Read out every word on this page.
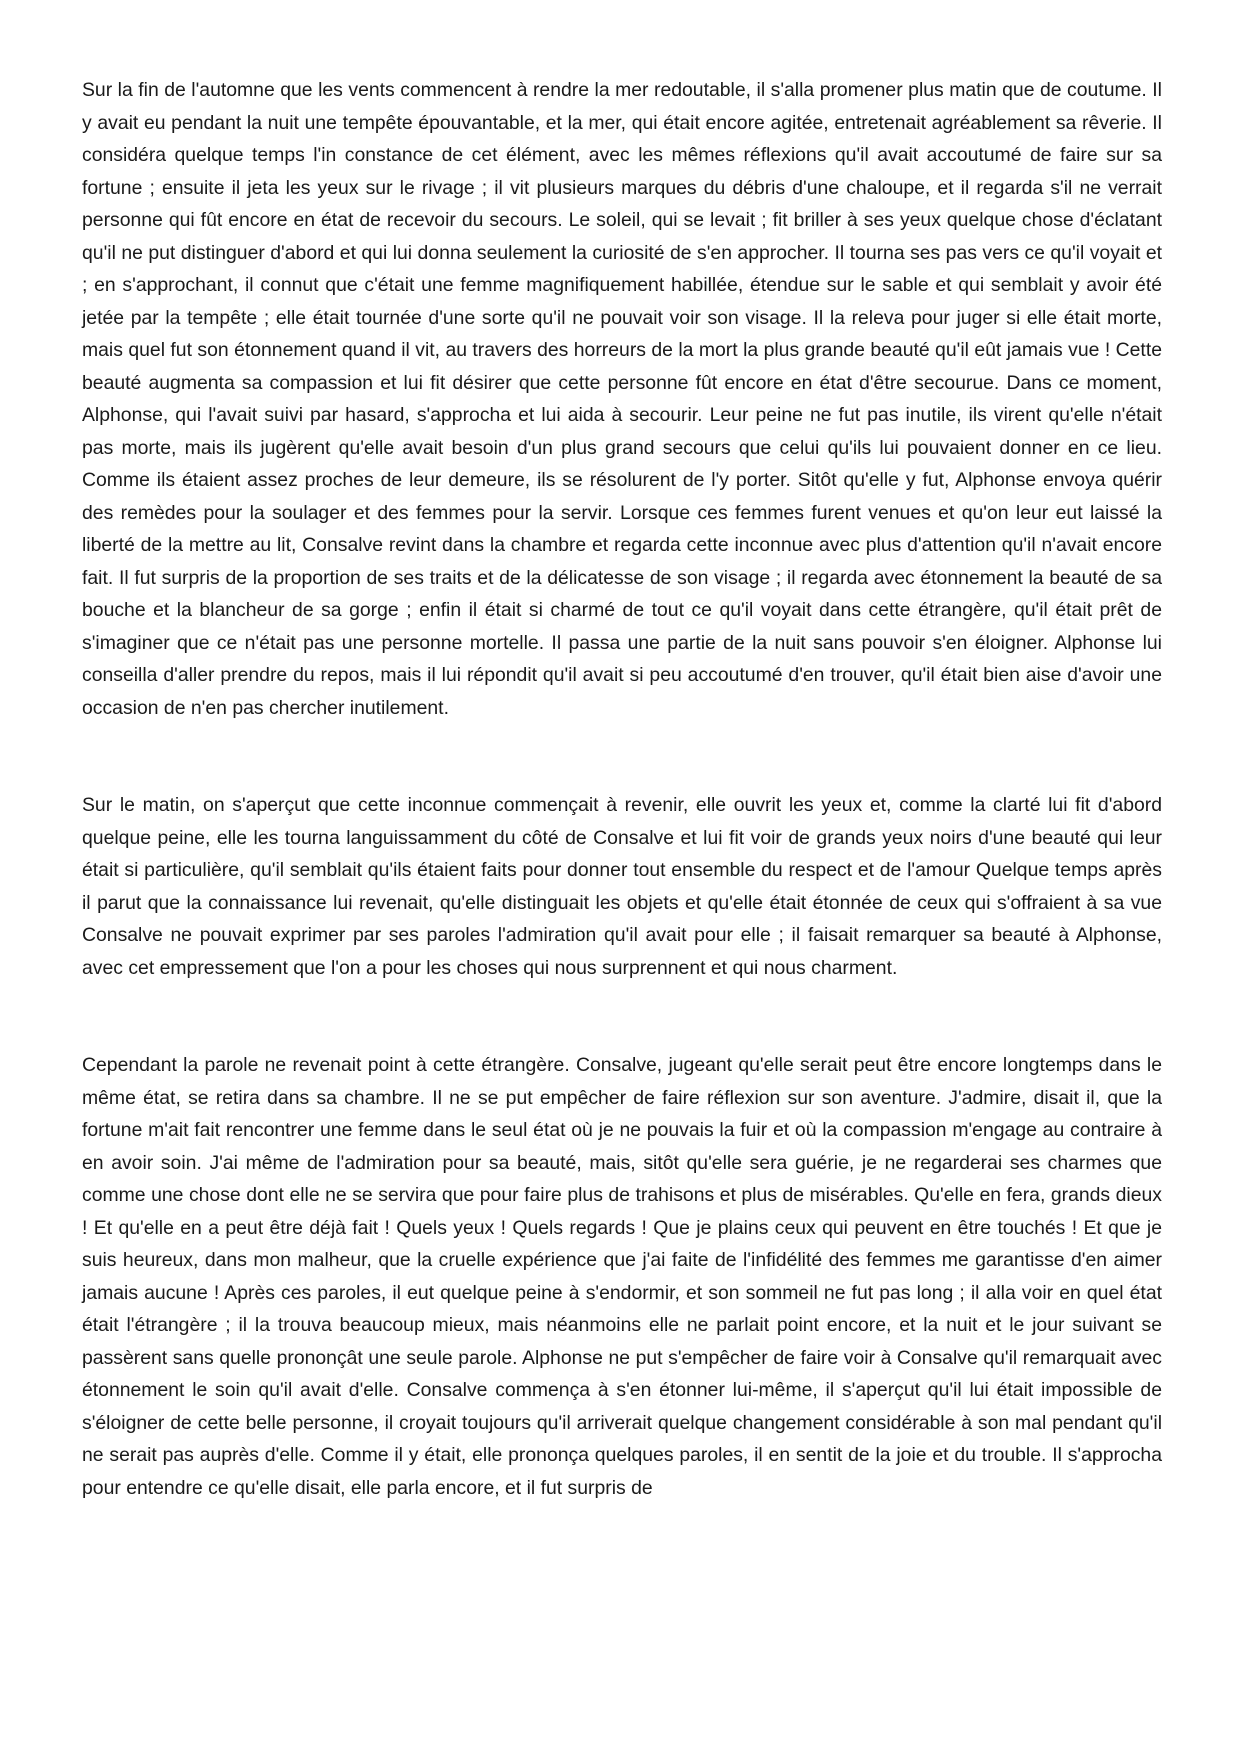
Sur la fin de l'automne que les vents commencent à rendre la mer redoutable, il s'alla promener plus matin que de coutume. Il y avait eu pendant la nuit une tempête épouvantable, et la mer, qui était encore agitée, entretenait agréablement sa rêverie. Il considéra quelque temps l'in constance de cet élément, avec les mêmes réflexions qu'il avait accoutumé de faire sur sa fortune ; ensuite il jeta les yeux sur le rivage ; il vit plusieurs marques du débris d'une chaloupe, et il regarda s'il ne verrait personne qui fût encore en état de recevoir du secours. Le soleil, qui se levait ; fit briller à ses yeux quelque chose d'éclatant qu'il ne put distinguer d'abord et qui lui donna seulement la curiosité de s'en approcher. Il tourna ses pas vers ce qu'il voyait et ; en s'approchant, il connut que c'était une femme magnifiquement habillée, étendue sur le sable et qui semblait y avoir été jetée par la tempête ; elle était tournée d'une sorte qu'il ne pouvait voir son visage. Il la releva pour juger si elle était morte, mais quel fut son étonnement quand il vit, au travers des horreurs de la mort la plus grande beauté qu'il eût jamais vue ! Cette beauté augmenta sa compassion et lui fit désirer que cette personne fût encore en état d'être secourue. Dans ce moment, Alphonse, qui l'avait suivi par hasard, s'approcha et lui aida à secourir. Leur peine ne fut pas inutile, ils virent qu'elle n'était pas morte, mais ils jugèrent qu'elle avait besoin d'un plus grand secours que celui qu'ils lui pouvaient donner en ce lieu. Comme ils étaient assez proches de leur demeure, ils se résolurent de l'y porter. Sitôt qu'elle y fut, Alphonse envoya quérir des remèdes pour la soulager et des femmes pour la servir. Lorsque ces femmes furent venues et qu'on leur eut laissé la liberté de la mettre au lit, Consalve revint dans la chambre et regarda cette inconnue avec plus d'attention qu'il n'avait encore fait. Il fut surpris de la proportion de ses traits et de la délicatesse de son visage ; il regarda avec étonnement la beauté de sa bouche et la blancheur de sa gorge ; enfin il était si charmé de tout ce qu'il voyait dans cette étrangère, qu'il était prêt de s'imaginer que ce n'était pas une personne mortelle. Il passa une partie de la nuit sans pouvoir s'en éloigner. Alphonse lui conseilla d'aller prendre du repos, mais il lui répondit qu'il avait si peu accoutumé d'en trouver, qu'il était bien aise d'avoir une occasion de n'en pas chercher inutilement.

Sur le matin, on s'aperçut que cette inconnue commençait à revenir, elle ouvrit les yeux et, comme la clarté lui fit d'abord quelque peine, elle les tourna languissamment du côté de Consalve et lui fit voir de grands yeux noirs d'une beauté qui leur était si particulière, qu'il semblait qu'ils étaient faits pour donner tout ensemble du respect et de l'amour Quelque temps après il parut que la connaissance lui revenait, qu'elle distinguait les objets et qu'elle était étonnée de ceux qui s'offraient à sa vue Consalve ne pouvait exprimer par ses paroles l'admiration qu'il avait pour elle ; il faisait remarquer sa beauté à Alphonse, avec cet empressement que l'on a pour les choses qui nous surprennent et qui nous charment.

Cependant la parole ne revenait point à cette étrangère. Consalve, jugeant qu'elle serait peut être encore longtemps dans le même état, se retira dans sa chambre. Il ne se put empêcher de faire réflexion sur son aventure. J'admire, disait il, que la fortune m'ait fait rencontrer une femme dans le seul état où je ne pouvais la fuir et où la compassion m'engage au contraire à en avoir soin. J'ai même de l'admiration pour sa beauté, mais, sitôt qu'elle sera guérie, je ne regarderai ses charmes que comme une chose dont elle ne se servira que pour faire plus de trahisons et plus de misérables. Qu'elle en fera, grands dieux ! Et qu'elle en a peut être déjà fait ! Quels yeux ! Quels regards ! Que je plains ceux qui peuvent en être touchés ! Et que je suis heureux, dans mon malheur, que la cruelle expérience que j'ai faite de l'infidélité des femmes me garantisse d'en aimer jamais aucune ! Après ces paroles, il eut quelque peine à s'endormir, et son sommeil ne fut pas long ; il alla voir en quel état était l'étrangère ; il la trouva beaucoup mieux, mais néanmoins elle ne parlait point encore, et la nuit et le jour suivant se passèrent sans quelle prononçât une seule parole. Alphonse ne put s'empêcher de faire voir à Consalve qu'il remarquait avec étonnement le soin qu'il avait d'elle. Consalve commença à s'en étonner lui-même, il s'aperçut qu'il lui était impossible de s'éloigner de cette belle personne, il croyait toujours qu'il arriverait quelque changement considérable à son mal pendant qu'il ne serait pas auprès d'elle. Comme il y était, elle prononça quelques paroles, il en sentit de la joie et du trouble. Il s'approcha pour entendre ce qu'elle disait, elle parla encore, et il fut surpris de
